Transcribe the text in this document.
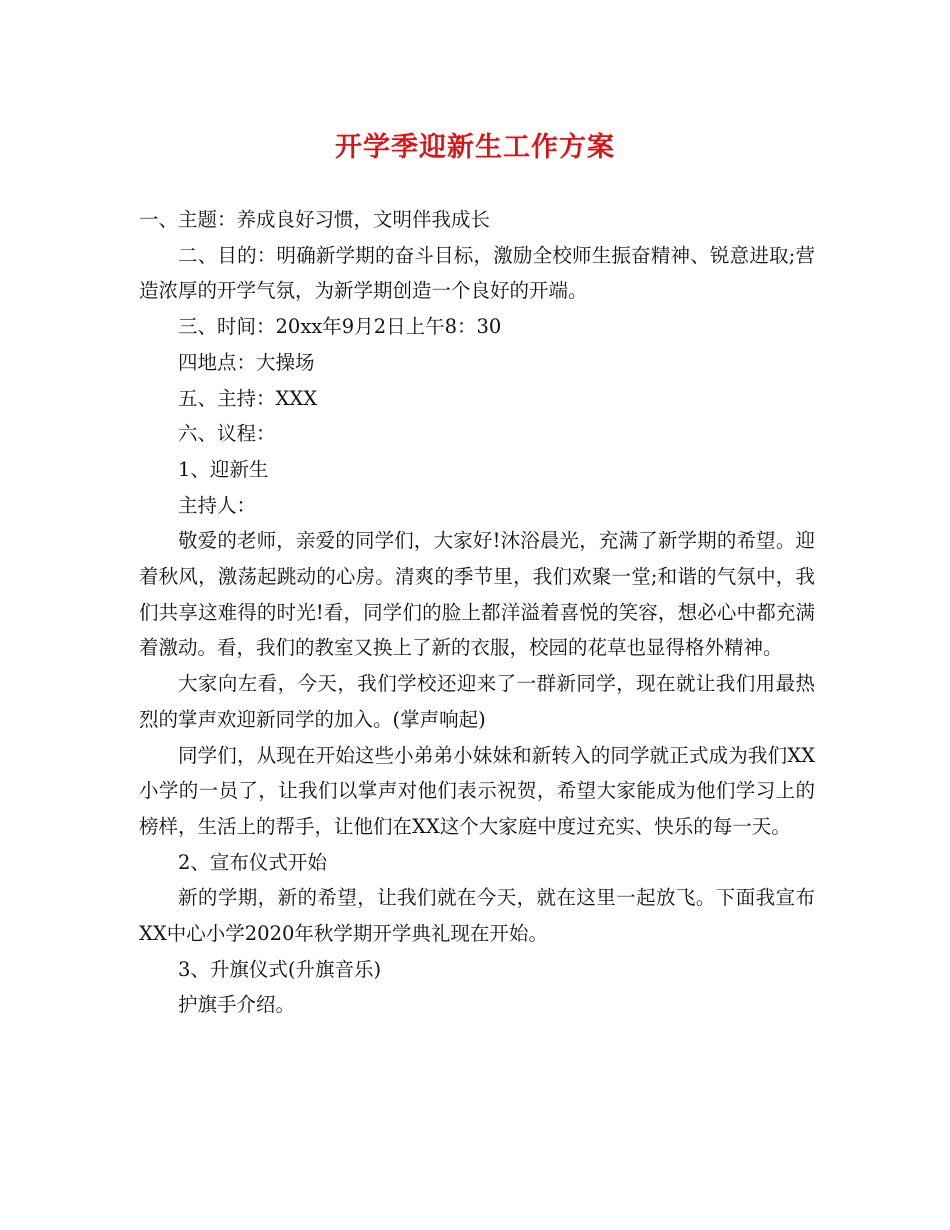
开学季迎新生工作方案

一、主题：养成良好习惯，文明伴我成长

二、目的：明确新学期的奋斗目标，激励全校师生振奋精神、锐意进取;营造浓厚的开学气氛，为新学期创造一个良好的开端。

三、时间：20xx年9月2日上午8：30

四地点：大操场

五、主持：XXX

六、议程：

1、迎新生

主持人：

敬爱的老师，亲爱的同学们，大家好!沐浴晨光，充满了新学期的希望。迎着秋风，激荡起跳动的心房。清爽的季节里，我们欢聚一堂;和谐的气氛中，我们共享这难得的时光!看，同学们的脸上都洋溢着喜悦的笑容，想必心中都充满着激动。看，我们的教室又换上了新的衣服，校园的花草也显得格外精神。

大家向左看，今天，我们学校还迎来了一群新同学，现在就让我们用最热烈的掌声欢迎新同学的加入。(掌声响起)

同学们，从现在开始这些小弟弟小妹妹和新转入的同学就正式成为我们XX小学的一员了，让我们以掌声对他们表示祝贺，希望大家能成为他们学习上的榜样，生活上的帮手，让他们在XX这个大家庭中度过充实、快乐的每一天。

2、宣布仪式开始

新的学期，新的希望，让我们就在今天，就在这里一起放飞。下面我宣布XX中心小学2020年秋学期开学典礼现在开始。

3、升旗仪式(升旗音乐)

护旗手介绍。
